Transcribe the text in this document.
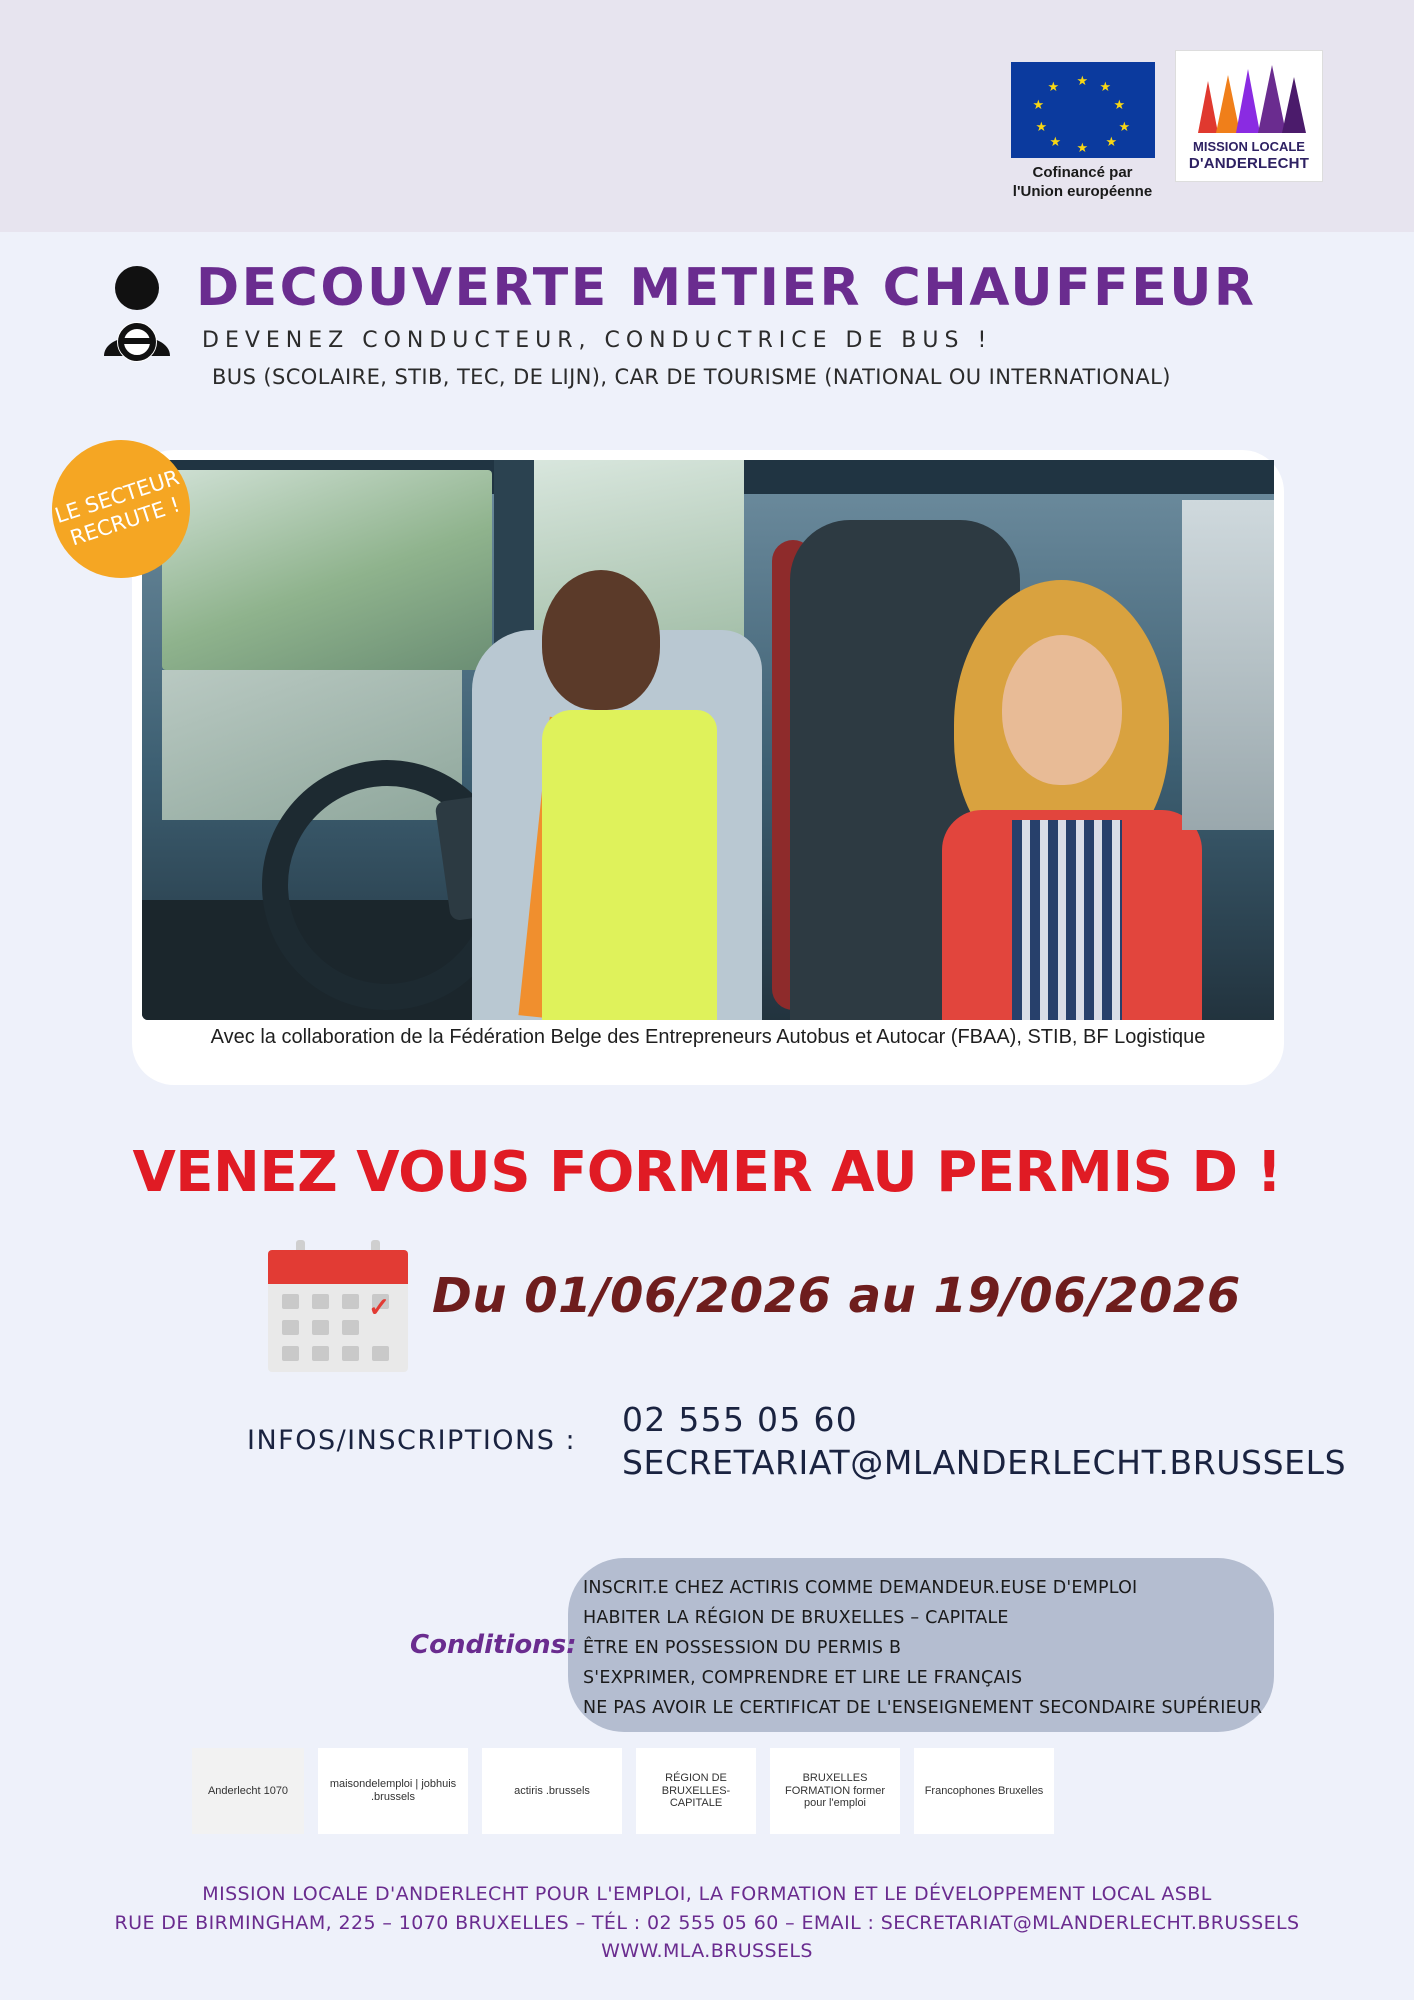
★ ★
★
★
★
★
★
★
★
★
Cofinancé par
l'Union européenne
MISSION LOCALE
D'ANDERLECHT
DECOUVERTE METIER CHAUFFEUR
DEVENEZ CONDUCTEUR, CONDUCTRICE DE BUS !
BUS (SCOLAIRE, STIB, TEC, DE LIJN), CAR DE TOURISME (NATIONAL OU INTERNATIONAL)
Avec la collaboration de la Fédération Belge des Entrepreneurs Autobus et Autocar (FBAA), STIB, BF Logistique
LE SECTEUR RECRUTE !
VENEZ VOUS FORMER AU PERMIS D !
✓ Du 01/06/2026 au 19/06/2026
INFOS/INSCRIPTIONS :
02 555 05 60
SECRETARIAT@MLANDERLECHT.BRUSSELS
Conditions:
INSCRIT.E CHEZ ACTIRIS COMME DEMANDEUR.EUSE D'EMPLOI
HABITER LA RÉGION DE BRUXELLES – CAPITALE
ÊTRE EN POSSESSION DU PERMIS B
S'EXPRIMER, COMPRENDRE ET LIRE LE FRANÇAIS
NE PAS AVOIR LE CERTIFICAT DE L'ENSEIGNEMENT SECONDAIRE SUPÉRIEUR
Anderlecht 1070
maisondelemploi | jobhuis .brussels
actiris .brussels
RÉGION DE BRUXELLES-CAPITALE
BRUXELLES FORMATION former pour l'emploi
Francophones Bruxelles
MISSION LOCALE D'ANDERLECHT POUR L'EMPLOI, LA FORMATION ET LE DÉVELOPPEMENT LOCAL ASBL
RUE DE BIRMINGHAM, 225 – 1070 BRUXELLES – TÉL : 02 555 05 60 – EMAIL : SECRETARIAT@MLANDERLECHT.BRUSSELS
WWW.MLA.BRUSSELS
